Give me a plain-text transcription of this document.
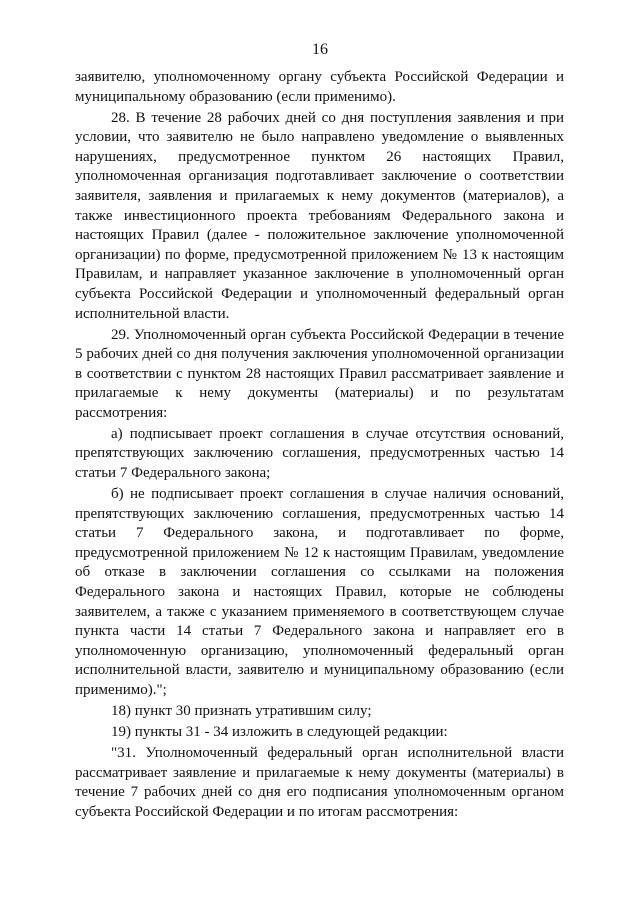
16

заявителю, уполномоченному органу субъекта Российской Федерации и муниципальному образованию (если применимо).

28. В течение 28 рабочих дней со дня поступления заявления и при условии, что заявителю не было направлено уведомление о выявленных нарушениях, предусмотренное пунктом 26 настоящих Правил, уполномоченная организация подготавливает заключение о соответствии заявителя, заявления и прилагаемых к нему документов (материалов), а также инвестиционного проекта требованиям Федерального закона и настоящих Правил (далее - положительное заключение уполномоченной организации) по форме, предусмотренной приложением № 13 к настоящим Правилам, и направляет указанное заключение в уполномоченный орган субъекта Российской Федерации и уполномоченный федеральный орган исполнительной власти.

29. Уполномоченный орган субъекта Российской Федерации в течение 5 рабочих дней со дня получения заключения уполномоченной организации в соответствии с пунктом 28 настоящих Правил рассматривает заявление и прилагаемые к нему документы (материалы) и по результатам рассмотрения:

а) подписывает проект соглашения в случае отсутствия оснований, препятствующих заключению соглашения, предусмотренных частью 14 статьи 7 Федерального закона;

б) не подписывает проект соглашения в случае наличия оснований, препятствующих заключению соглашения, предусмотренных частью 14 статьи 7 Федерального закона, и подготавливает по форме, предусмотренной приложением № 12 к настоящим Правилам, уведомление об отказе в заключении соглашения со ссылками на положения Федерального закона и настоящих Правил, которые не соблюдены заявителем, а также с указанием применяемого в соответствующем случае пункта части 14 статьи 7 Федерального закона и направляет его в уполномоченную организацию, уполномоченный федеральный орган исполнительной власти, заявителю и муниципальному образованию (если применимо).";

18) пункт 30 признать утратившим силу;

19) пункты 31 - 34 изложить в следующей редакции:

"31. Уполномоченный федеральный орган исполнительной власти рассматривает заявление и прилагаемые к нему документы (материалы) в течение 7 рабочих дней со дня его подписания уполномоченным органом субъекта Российской Федерации и по итогам рассмотрения:
